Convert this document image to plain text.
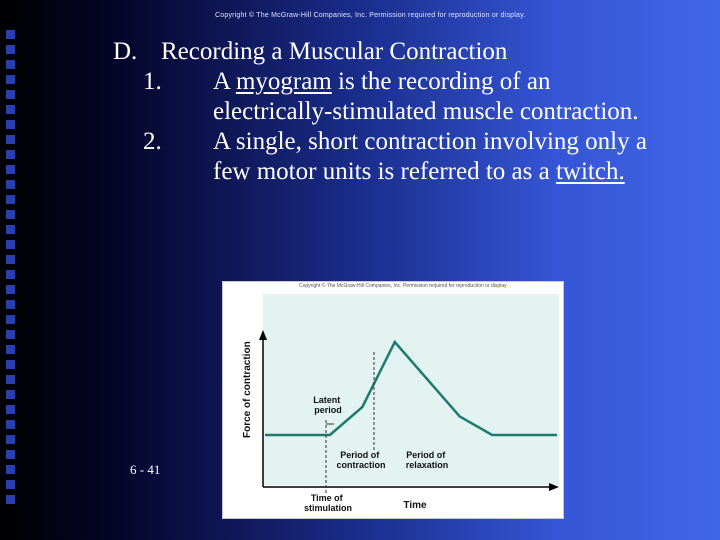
Copyright © The McGraw-Hill Companies, Inc. Permission required for reproduction or display.

D. Recording a Muscular Contraction

1.	A myogram is the recording of an electrically-stimulated muscle contraction.
2.	A single, short contraction involving only a few motor units is referred to as a twitch.
6 - 41
Copyright © The McGraw-Hill Companies, Inc. Permission required for reproduction or display.
Force of contraction	Latent period
Period of contraction
Period of relaxation
Time of stimulation	Time
